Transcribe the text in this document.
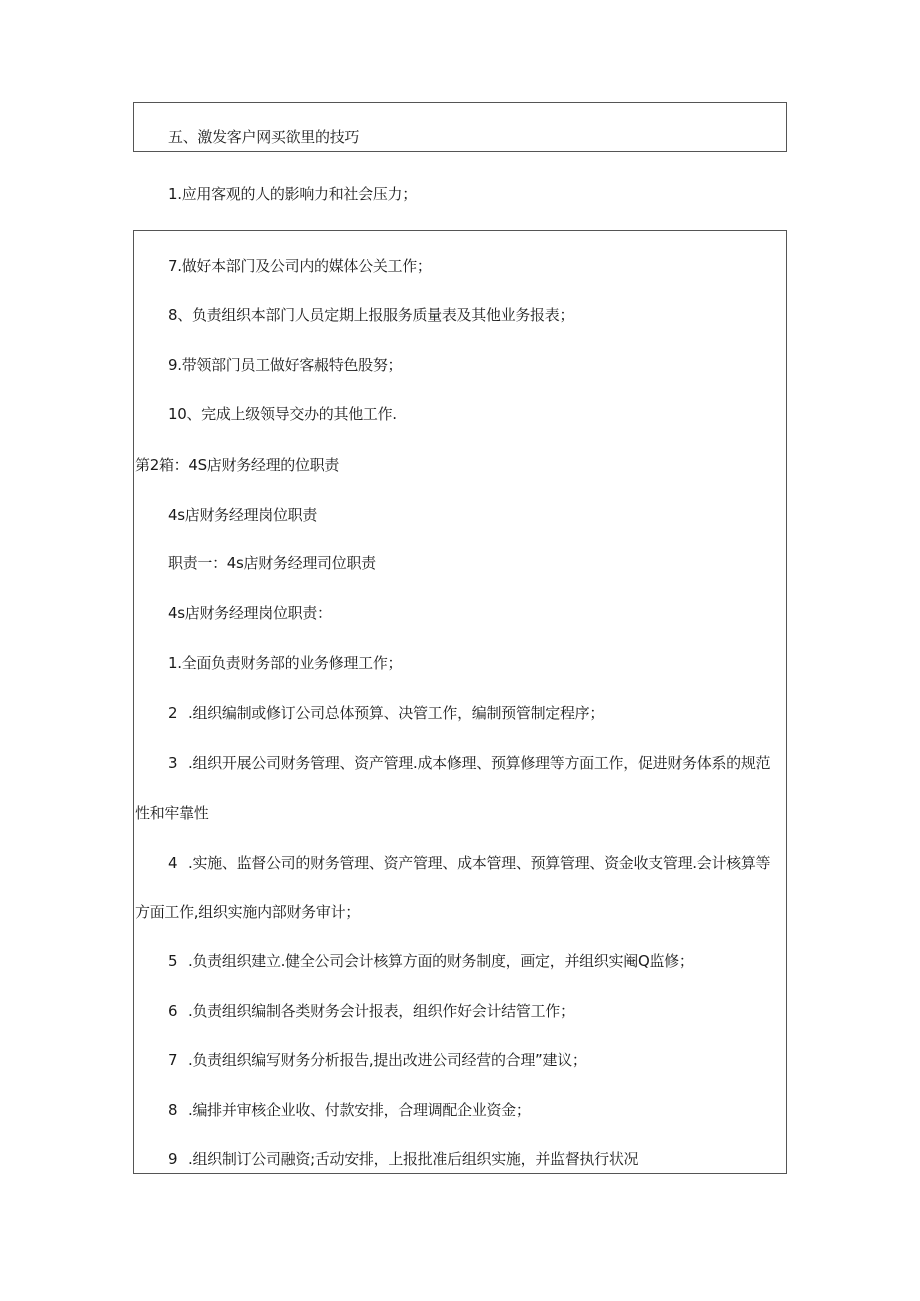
五、激发客户网买欲里的技巧
1.应用客观的人的影响力和社会压力；
7.做好本部门及公司内的媒体公关工作；
8、负责组织本部门人员定期上报服务质量表及其他业务报表；
9.带领部门员工做好客赧特色股努；
10、完成上级领导交办的其他工作.
第2箱：4S店财务经理的位职责
4s店财务经理岗位职责
职责一：4s店财务经理司位职责
4s店财务经理岗位职责：
1.全面负责财务部的业务修理工作；
2 .组织编制或修订公司总体预算、决管工作，编制预管制定程序；
3 .组织开展公司财务管理、资产管理.成本修理、预算修理等方面工作，促进财务体系的规范
性和牢靠性
4 .实施、监督公司的财务管理、资产管理、成本管理、预算管理、资金收支管理.会计核算等
方面工作,组织实施内部财务审计；
5 .负责组织建立.健全公司会计核算方面的财务制度，画定，并组织实阉Q监修；
6 .负责组织编制各类财务会计报表，组织作好会计结管工作；
7 .负责组织编写财务分析报告,提出改进公司经营的合理”建议；
8 .编排并审核企业收、付款安排，合理调配企业资金；
9 .组织制订公司融资;舌动安排，上报批准后组织实施，并监督执行状况
